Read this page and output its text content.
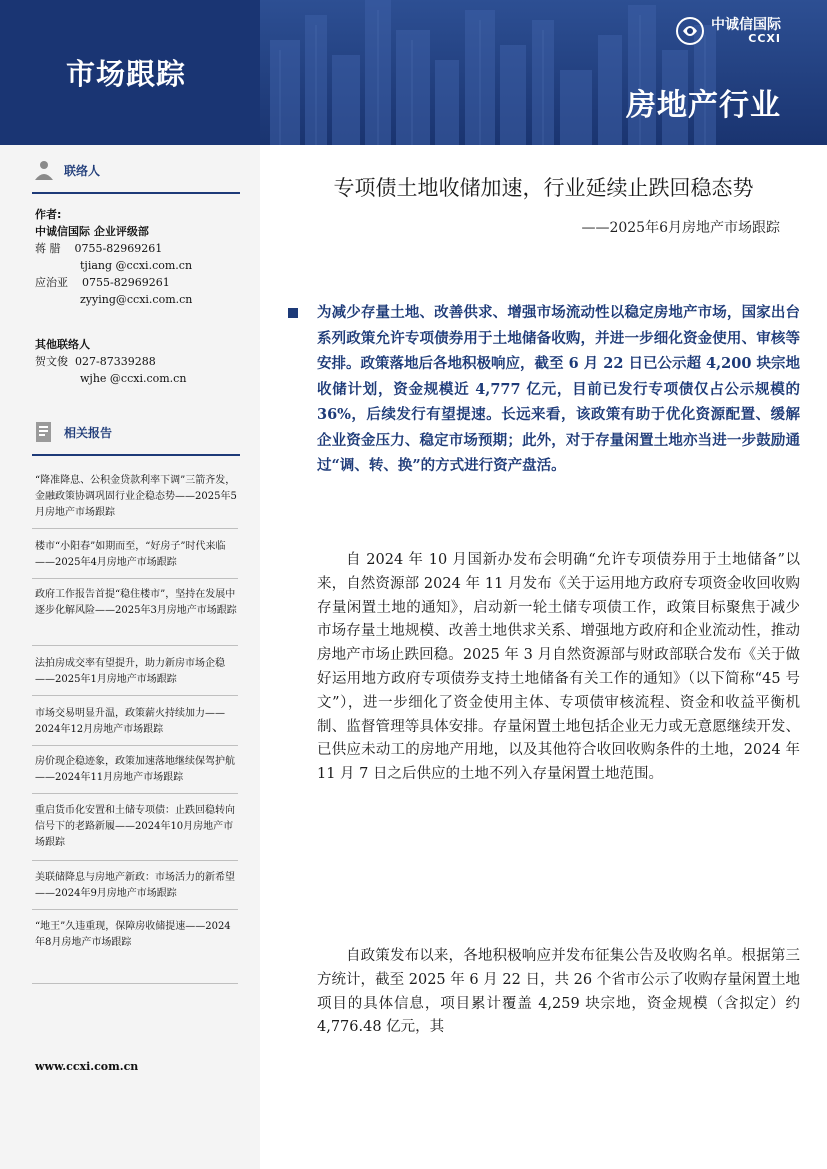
市场跟踪
中诚信国际
CCXI
房地产行业
联络人
作者:
中诚信国际 企业评级部
蒋 腊 0755-82969261
tjiang @ccxi.com.cn
应治亚 0755-82969261
zyying@ccxi.com.cn
其他联络人
贺文俊 027-87339288
wjhe @ccxi.com.cn
相关报告
“降准降息、公积金贷款利率下调”三箭齐发，金融政策协调巩固行业企稳态势——2025年5月房地产市场跟踪
楼市“小阳春”如期而至，“好房子”时代来临——2025年4月房地产市场跟踪
政府工作报告首提“稳住楼市”，坚持在发展中逐步化解风险——2025年3月房地产市场跟踪
法拍房成交率有望提升，助力新房市场企稳——2025年1月房地产市场跟踪
市场交易明显升温，政策薪火持续加力——2024年12月房地产市场跟踪
房价现企稳迹象，政策加速落地继续保驾护航——2024年11月房地产市场跟踪
重启货币化安置和土储专项债：止跌回稳转向信号下的老路新履——2024年10月房地产市场跟踪
美联储降息与房地产新政：市场活力的新希望——2024年9月房地产市场跟踪
“地王”久违重现，保障房收储提速——2024年8月房地产市场跟踪
www.ccxi.com.cn
专项债土地收储加速，行业延续止跌回稳态势
——2025年6月房地产市场跟踪
为减少存量土地、改善供求、增强市场流动性以稳定房地产市场，国家出台系列政策允许专项债券用于土地储备收购，并进一步细化资金使用、审核等安排。政策落地后各地积极响应，截至 6 月 22 日已公示超 4,200 块宗地收储计划，资金规模近 4,777 亿元，目前已发行专项债仅占公示规模的 36%，后续发行有望提速。长远来看，该政策有助于优化资源配置、缓解企业资金压力、稳定市场预期；此外，对于存量闲置土地亦当进一步鼓励通过“调、转、换”的方式进行资产盘活。

自 2024 年 10 月国新办发布会明确“允许专项债券用于土地储备”以来，自然资源部 2024 年 11 月发布《关于运用地方政府专项资金收回收购存量闲置土地的通知》，启动新一轮土储专项债工作，政策目标聚焦于减少市场存量土地规模、改善土地供求关系、增强地方政府和企业流动性，推动房地产市场止跌回稳。2025 年 3 月自然资源部与财政部联合发布《关于做好运用地方政府专项债券支持土地储备有关工作的通知》（以下简称“45 号文”），进一步细化了资金使用主体、专项债审核流程、资金和收益平衡机制、监督管理等具体安排。存量闲置土地包括企业无力或无意愿继续开发、已供应未动工的房地产用地，以及其他符合收回收购条件的土地，2024 年 11 月 7 日之后供应的土地不列入存量闲置土地范围。

自政策发布以来，各地积极响应并发布征集公告及收购名单。根据第三方统计，截至 2025 年 6 月 22 日，共 26 个省市公示了收购存量闲置土地项目的具体信息，项目累计覆盖 4,259 块宗地，资金规模（含拟定）约 4,776.48 亿元，其
